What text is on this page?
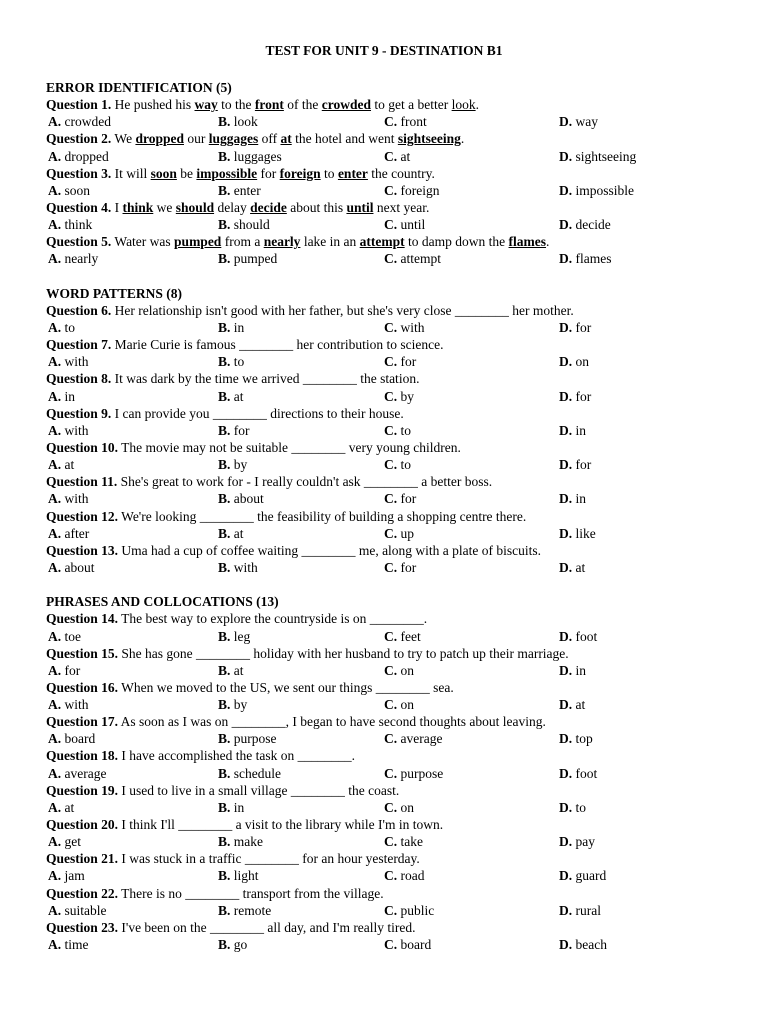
TEST FOR UNIT 9 - DESTINATION B1
ERROR IDENTIFICATION (5)
Question 1. He pushed his way to the front of the crowded to get a better look.
A. crowded	B. look	C. front	D. way
Question 2. We dropped our luggages off at the hotel and went sightseeing.
A. dropped	B. luggages	C. at	D. sightseeing
Question 3. It will soon be impossible for foreign to enter the country.
A. soon	B. enter	C. foreign	D. impossible
Question 4. I think we should delay decide about this until next year.
A. think	B. should	C. until	D. decide
Question 5. Water was pumped from a nearly lake in an attempt to damp down the flames.
A. nearly	B. pumped	C. attempt	D. flames
WORD PATTERNS (8)
Question 6. Her relationship isn't good with her father, but she's very close ________ her mother.
A. to	B. in	C. with	D. for
Question 7. Marie Curie is famous ________ her contribution to science.
A. with	B. to	C. for	D. on
Question 8. It was dark by the time we arrived ________ the station.
A. in	B. at	C. by	D. for
Question 9. I can provide you ________ directions to their house.
A. with	B. for	C. to	D. in
Question 10. The movie may not be suitable ________ very young children.
A. at	B. by	C. to	D. for
Question 11. She's great to work for - I really couldn't ask ________ a better boss.
A. with	B. about	C. for	D. in
Question 12. We're looking ________ the feasibility of building a shopping centre there.
A. after	B. at	C. up	D. like
Question 13. Uma had a cup of coffee waiting ________ me, along with a plate of biscuits.
A. about	B. with	C. for	D. at
PHRASES AND COLLOCATIONS (13)
Question 14. The best way to explore the countryside is on ________.
A. toe	B. leg	C. feet	D. foot
Question 15. She has gone ________ holiday with her husband to try to patch up their marriage.
A. for	B. at	C. on	D. in
Question 16. When we moved to the US, we sent our things ________ sea.
A. with	B. by	C. on	D. at
Question 17. As soon as I was on ________, I began to have second thoughts about leaving.
A. board	B. purpose	C. average	D. top
Question 18. I have accomplished the task on ________.
A. average	B. schedule	C. purpose	D. foot
Question 19. I used to live in a small village ________ the coast.
A. at	B. in	C. on	D. to
Question 20. I think I'll ________ a visit to the library while I'm in town.
A. get	B. make	C. take	D. pay
Question 21. I was stuck in a traffic ________ for an hour yesterday.
A. jam	B. light	C. road	D. guard
Question 22. There is no ________ transport from the village.
A. suitable	B. remote	C. public	D. rural
Question 23. I've been on the ________ all day, and I'm really tired.
A. time	B. go	C. board	D. beach
